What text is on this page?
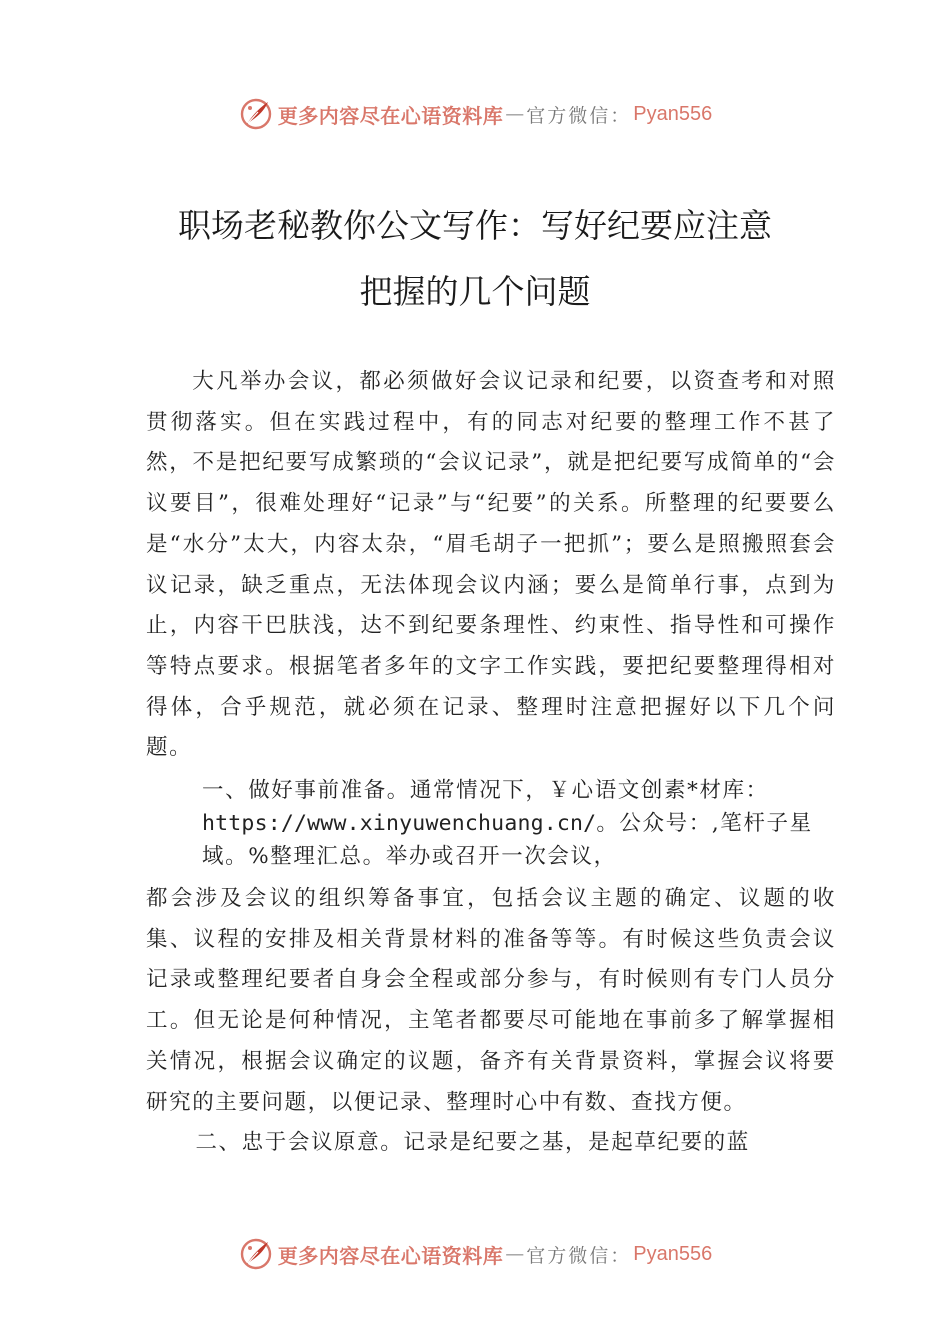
更多内容尽在心语资料库 — 官方微信： Pyan556
职场老秘教你公文写作：写好纪要应注意
把握的几个问题

大凡举办会议，都必须做好会议记录和纪要，以资查考和对照贯彻落实。但在实践过程中，有的同志对纪要的整理工作不甚了然，不是把纪要写成繁琐的“会议记录”，就是把纪要写成简单的“会议要目”，很难处理好“记录”与“纪要”的关系。所整理的纪要要么是“水分”太大，内容太杂，“眉毛胡子一把抓”；要么是照搬照套会议记录，缺乏重点，无法体现会议内涵；要么是简单行事，点到为止，内容干巴肤浅，达不到纪要条理性、约束性、指导性和可操作等特点要求。根据笔者多年的文字工作实践，要把纪要整理得相对得体，合乎规范，就必须在记录、整理时注意把握好以下几个问题。

一、做好事前准备。通常情况下，￥心语文创素*材库：
https://www.xinyuwenchuang.cn/。公众号：,笔杆子星域。%整理汇总。举办或召开一次会议，

都会涉及会议的组织筹备事宜，包括会议主题的确定、议题的收集、议程的安排及相关背景材料的准备等等。有时候这些负责会议记录或整理纪要者自身会全程或部分参与，有时候则有专门人员分工。但无论是何种情况，主笔者都要尽可能地在事前多了解掌握相关情况，根据会议确定的议题，备齐有关背景资料，掌握会议将要研究的主要问题，以便记录、整理时心中有数、查找方便。

二、忠于会议原意。记录是纪要之基，是起草纪要的蓝

更多内容尽在心语资料库 — 官方微信： Pyan556
